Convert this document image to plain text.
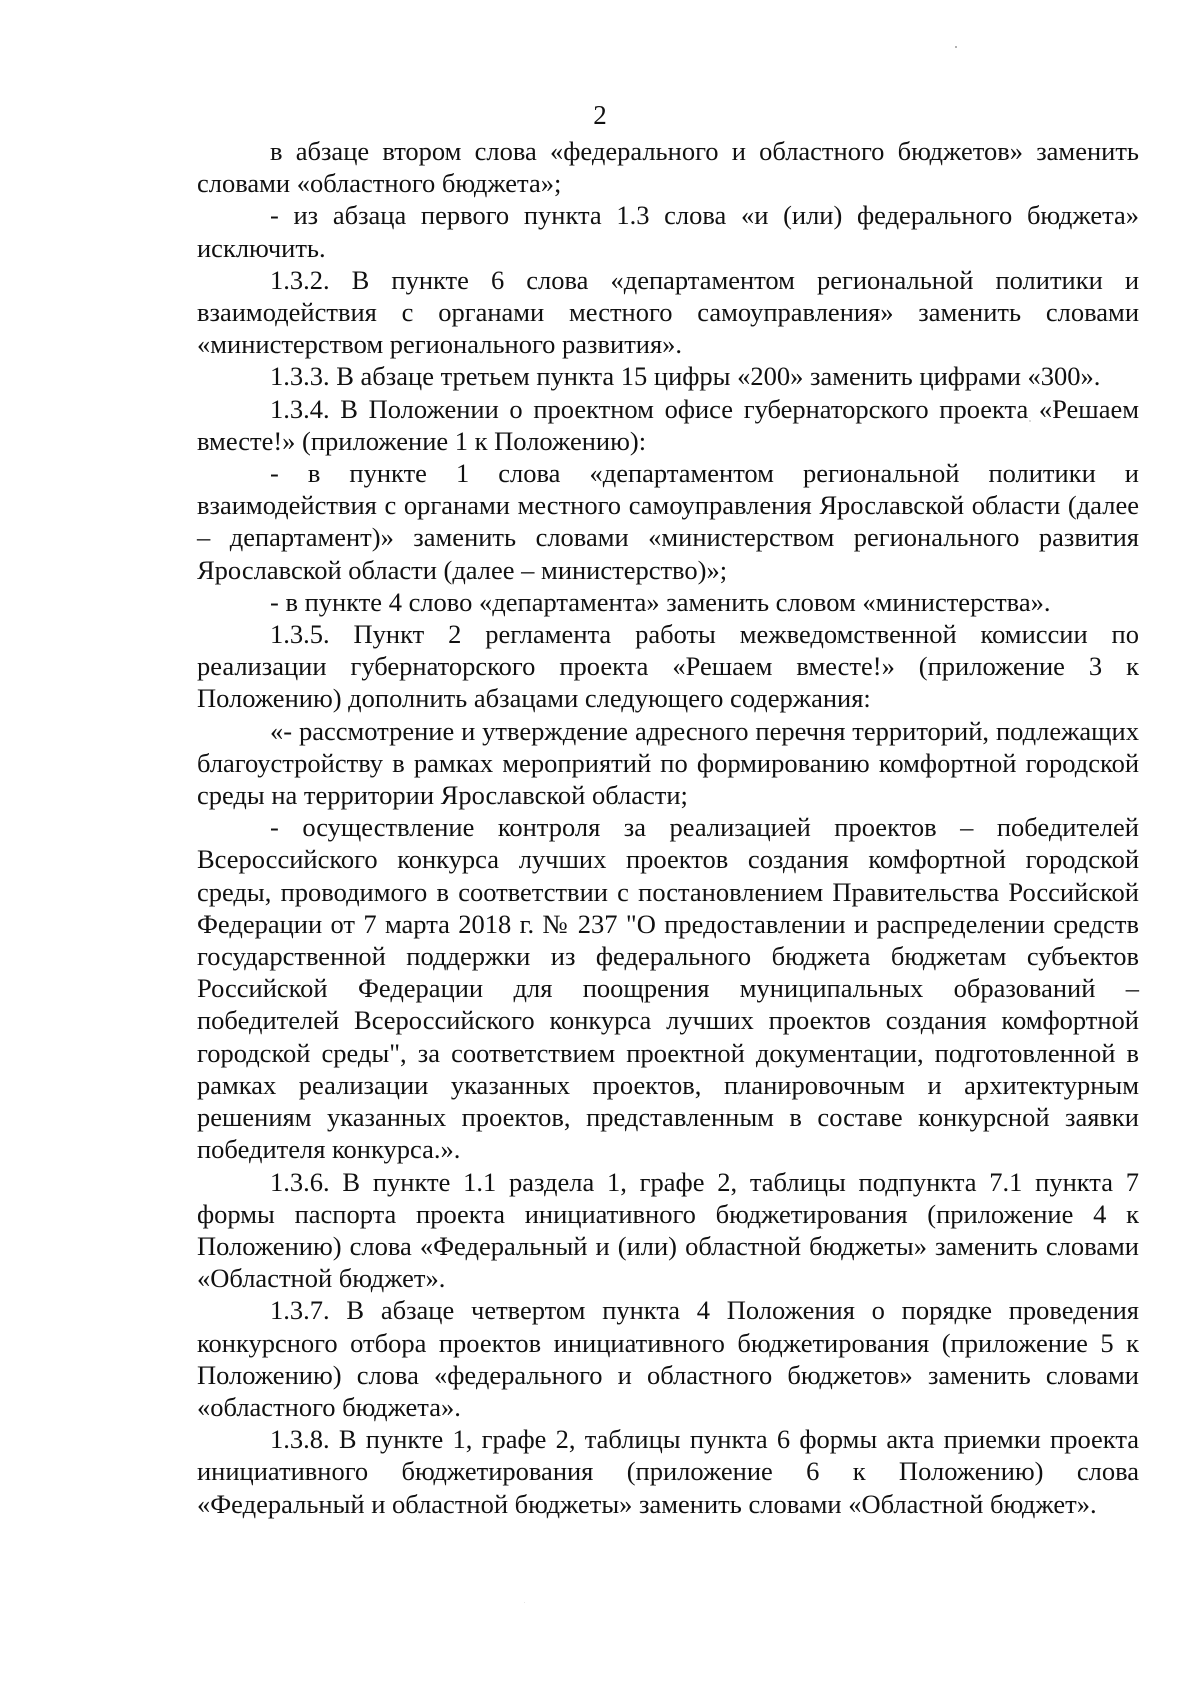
2

в абзаце втором слова «федерального и областного бюджетов» заменить словами «областного бюджета»;

- из абзаца первого пункта 1.3 слова «и (или) федерального бюджета» исключить.

1.3.2. В пункте 6 слова «департаментом региональной политики и взаимодействия с органами местного самоуправления» заменить словами «министерством регионального развития».

1.3.3. В абзаце третьем пункта 15 цифры «200» заменить цифрами «300».

1.3.4. В Положении о проектном офисе губернаторского проекта «Решаем вместе!» (приложение 1 к Положению):

- в пункте 1 слова «департаментом региональной политики и взаимодействия с органами местного самоуправления Ярославской области (далее – департамент)» заменить словами «министерством регионального развития Ярославской области (далее – министерство)»;

- в пункте 4 слово «департамента» заменить словом «министерства».

1.3.5. Пункт 2 регламента работы межведомственной комиссии по реализации губернаторского проекта «Решаем вместе!» (приложение 3 к Положению) дополнить абзацами следующего содержания:

«- рассмотрение и утверждение адресного перечня территорий, подлежащих благоустройству в рамках мероприятий по формированию комфортной городской среды на территории Ярославской области;

- осуществление контроля за реализацией проектов – победителей Всероссийского конкурса лучших проектов создания комфортной городской среды, проводимого в соответствии с постановлением Правительства Российской Федерации от 7 марта 2018 г. № 237 "О предоставлении и распределении средств государственной поддержки из федерального бюджета бюджетам субъектов Российской Федерации для поощрения муниципальных образований – победителей Всероссийского конкурса лучших проектов создания комфортной городской среды", за соответствием проектной документации, подготовленной в рамках реализации указанных проектов, планировочным и архитектурным решениям указанных проектов, представленным в составе конкурсной заявки победителя конкурса.».

1.3.6. В пункте 1.1 раздела 1, графе 2, таблицы подпункта 7.1 пункта 7 формы паспорта проекта инициативного бюджетирования (приложение 4 к Положению) слова «Федеральный и (или) областной бюджеты» заменить словами «Областной бюджет».

1.3.7. В абзаце четвертом пункта 4 Положения о порядке проведения конкурсного отбора проектов инициативного бюджетирования (приложение 5 к Положению) слова «федерального и областного бюджетов» заменить словами «областного бюджета».

1.3.8. В пункте 1, графе 2, таблицы пункта 6 формы акта приемки проекта инициативного бюджетирования (приложение 6 к Положению) слова «Федеральный и областной бюджеты» заменить словами «Областной бюджет».
